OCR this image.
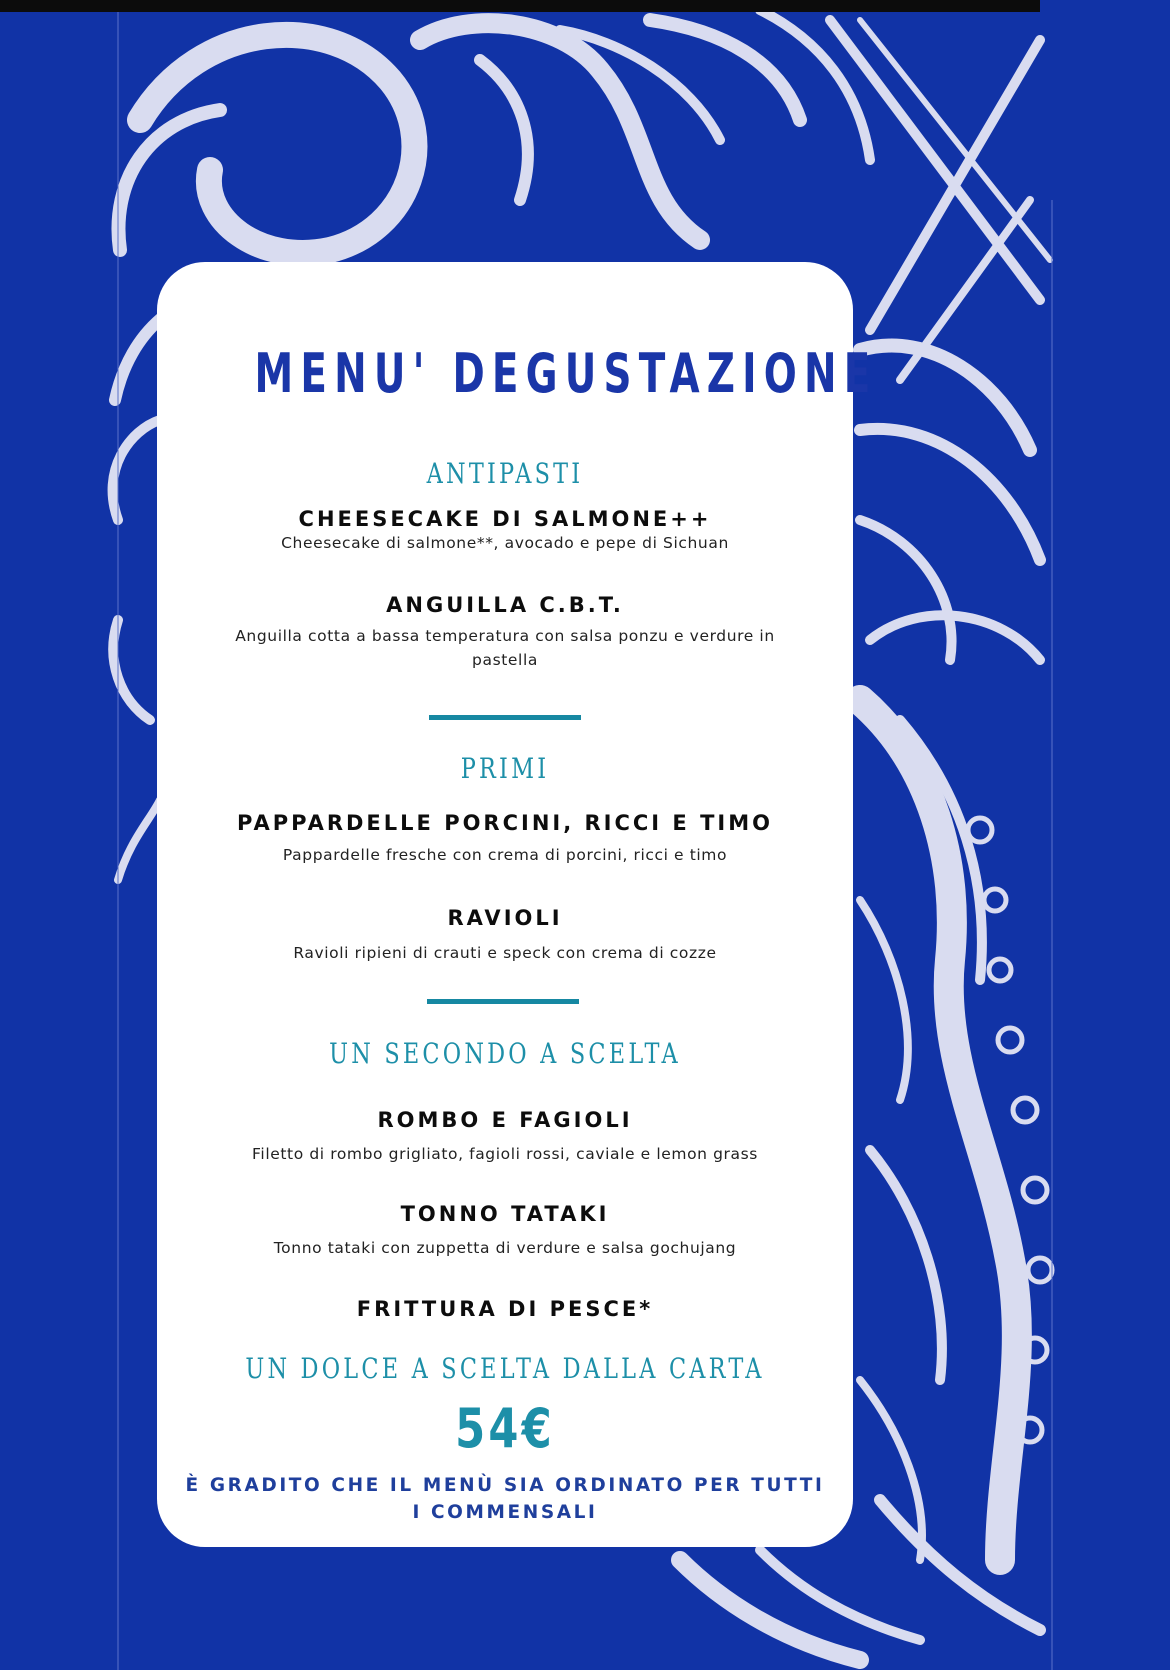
MENU' DEGUSTAZIONE
ANTIPASTI
CHEESECAKE DI SALMONE++
Cheesecake di salmone**, avocado e pepe di Sichuan
ANGUILLA C.B.T.
Anguilla cotta a bassa temperatura con salsa ponzu e verdure in pastella
PRIMI
PAPPARDELLE PORCINI, RICCI E TIMO
Pappardelle fresche con crema di porcini, ricci e timo
RAVIOLI
Ravioli ripieni di crauti e speck con crema di cozze
UN SECONDO A SCELTA
ROMBO E FAGIOLI
Filetto di rombo grigliato, fagioli rossi, caviale e lemon grass
TONNO TATAKI
Tonno tataki con zuppetta di verdure e salsa gochujang
FRITTURA DI PESCE*
UN DOLCE A SCELTA DALLA CARTA
54€
È GRADITO CHE IL MENÙ SIA ORDINATO PER TUTTI I COMMENSALI
